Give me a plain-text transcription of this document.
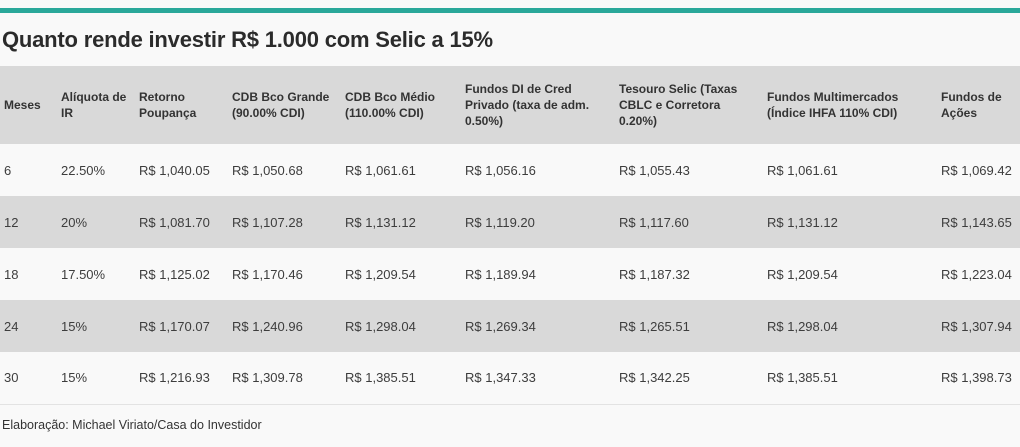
Quanto rende investir R$ 1.000 com Selic a 15%
Meses	Alíquota de IR	Retorno Poupança	CDB Bco Grande (90.00% CDI)	CDB Bco Médio (110.00% CDI)	Fundos DI de Cred Privado (taxa de adm. 0.50%)	Tesouro Selic (Taxas CBLC e Corretora 0.20%)	Fundos Multimercados (Índice IHFA 110% CDI)	Fundos de Ações
6	22.50%	R$ 1,040.05	R$ 1,050.68	R$ 1,061.61	R$ 1,056.16	R$ 1,055.43	R$ 1,061.61	R$ 1,069.42
12	20%	R$ 1,081.70	R$ 1,107.28	R$ 1,131.12	R$ 1,119.20	R$ 1,117.60	R$ 1,131.12	R$ 1,143.65
18	17.50%	R$ 1,125.02	R$ 1,170.46	R$ 1,209.54	R$ 1,189.94	R$ 1,187.32	R$ 1,209.54	R$ 1,223.04
24	15%	R$ 1,170.07	R$ 1,240.96	R$ 1,298.04	R$ 1,269.34	R$ 1,265.51	R$ 1,298.04	R$ 1,307.94
30	15%	R$ 1,216.93	R$ 1,309.78	R$ 1,385.51	R$ 1,347.33	R$ 1,342.25	R$ 1,385.51	R$ 1,398.73
Elaboração: Michael Viriato/Casa do Investidor
